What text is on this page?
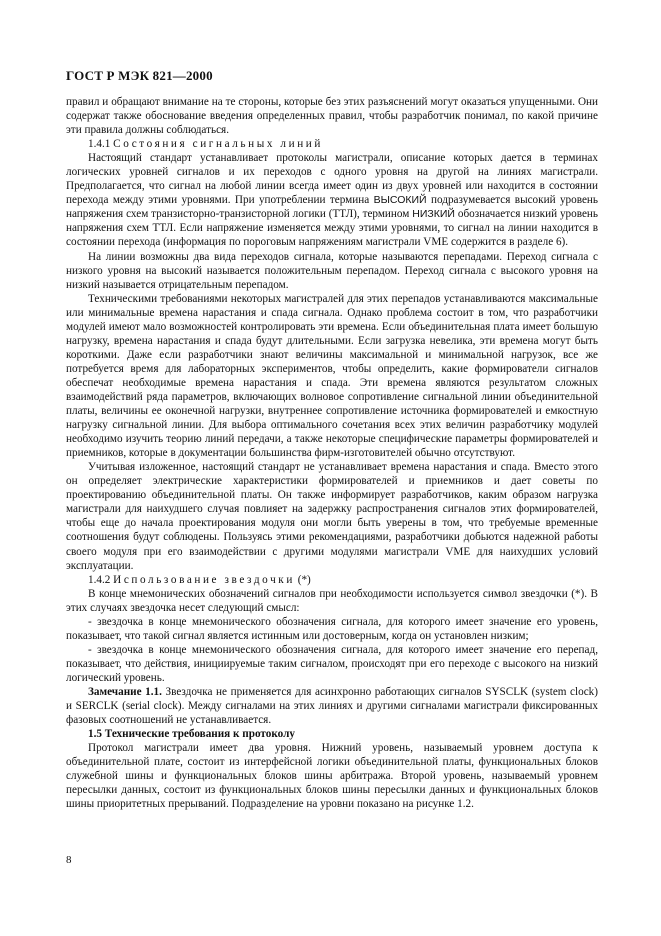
ГОСТ Р МЭК 821—2000

правил и обращают внимание на те стороны, которые без этих разъяснений могут оказаться упущенными. Они содержат также обоснование введения определенных правил, чтобы разработчик понимал, по какой причине эти правила должны соблюдаться.

1.4.1 Состояния сигнальных линий

Настоящий стандарт устанавливает протоколы магистрали, описание которых дается в терминах логических уровней сигналов и их переходов с одного уровня на другой на линиях магистрали. Предполагается, что сигнал на любой линии всегда имеет один из двух уровней или находится в состоянии перехода между этими уровнями. При употреблении термина ВЫСОКИЙ подразумевается высокий уровень напряжения схем транзисторно-транзисторной логики (ТТЛ), термином НИЗКИЙ обозначается низкий уровень напряжения схем ТТЛ. Если напряжение изменяется между этими уровнями, то сигнал на линии находится в состоянии перехода (информация по пороговым напряжениям магистрали VME содержится в разделе 6).

На линии возможны два вида переходов сигнала, которые называются перепадами. Переход сигнала с низкого уровня на высокий называется положительным перепадом. Переход сигнала с высокого уровня на низкий называется отрицательным перепадом.

Техническими требованиями некоторых магистралей для этих перепадов устанавливаются максимальные или минимальные времена нарастания и спада сигнала. Однако проблема состоит в том, что разработчики модулей имеют мало возможностей контролировать эти времена. Если объединительная плата имеет большую нагрузку, времена нарастания и спада будут длительными. Если загрузка невелика, эти времена могут быть короткими. Даже если разработчики знают величины максимальной и минимальной нагрузок, все же потребуется время для лабораторных экспериментов, чтобы определить, какие формирователи сигналов обеспечат необходимые времена нарастания и спада. Эти времена являются результатом сложных взаимодействий ряда параметров, включающих волновое сопротивление сигнальной линии объединительной платы, величины ее оконечной нагрузки, внутреннее сопротивление источника формирователей и емкостную нагрузку сигнальной линии. Для выбора оптимального сочетания всех этих величин разработчику модулей необходимо изучить теорию линий передачи, а также некоторые специфические параметры формирователей и приемников, которые в документации большинства фирм-изготовителей обычно отсутствуют.

Учитывая изложенное, настоящий стандарт не устанавливает времена нарастания и спада. Вместо этого он определяет электрические характеристики формирователей и приемников и дает советы по проектированию объединительной платы. Он также информирует разработчиков, каким образом нагрузка магистрали для наихудшего случая повлияет на задержку распространения сигналов этих формирователей, чтобы еще до начала проектирования модуля они могли быть уверены в том, что требуемые временные соотношения будут соблюдены. Пользуясь этими рекомендациями, разработчики добьются надежной работы своего модуля при его взаимодействии с другими модулями магистрали VME для наихудших условий эксплуатации.

1.4.2 Использование звездочки (*)

В конце мнемонических обозначений сигналов при необходимости используется символ звездочки (*). В этих случаях звездочка несет следующий смысл:

- звездочка в конце мнемонического обозначения сигнала, для которого имеет значение его уровень, показывает, что такой сигнал является истинным или достоверным, когда он установлен низким;

- звездочка в конце мнемонического обозначения сигнала, для которого имеет значение его перепад, показывает, что действия, инициируемые таким сигналом, происходят при его переходе с высокого на низкий логический уровень.

Замечание 1.1. Звездочка не применяется для асинхронно работающих сигналов SYSCLK (system clock) и SERCLK (serial clock). Между сигналами на этих линиях и другими сигналами магистрали фиксированных фазовых соотношений не устанавливается.

1.5 Технические требования к протоколу

Протокол магистрали имеет два уровня. Нижний уровень, называемый уровнем доступа к объединительной плате, состоит из интерфейсной логики объединительной платы, функциональных блоков служебной шины и функциональных блоков шины арбитража. Второй уровень, называемый уровнем пересылки данных, состоит из функциональных блоков шины пересылки данных и функциональных блоков шины приоритетных прерываний. Подразделение на уровни показано на рисунке 1.2.

8
